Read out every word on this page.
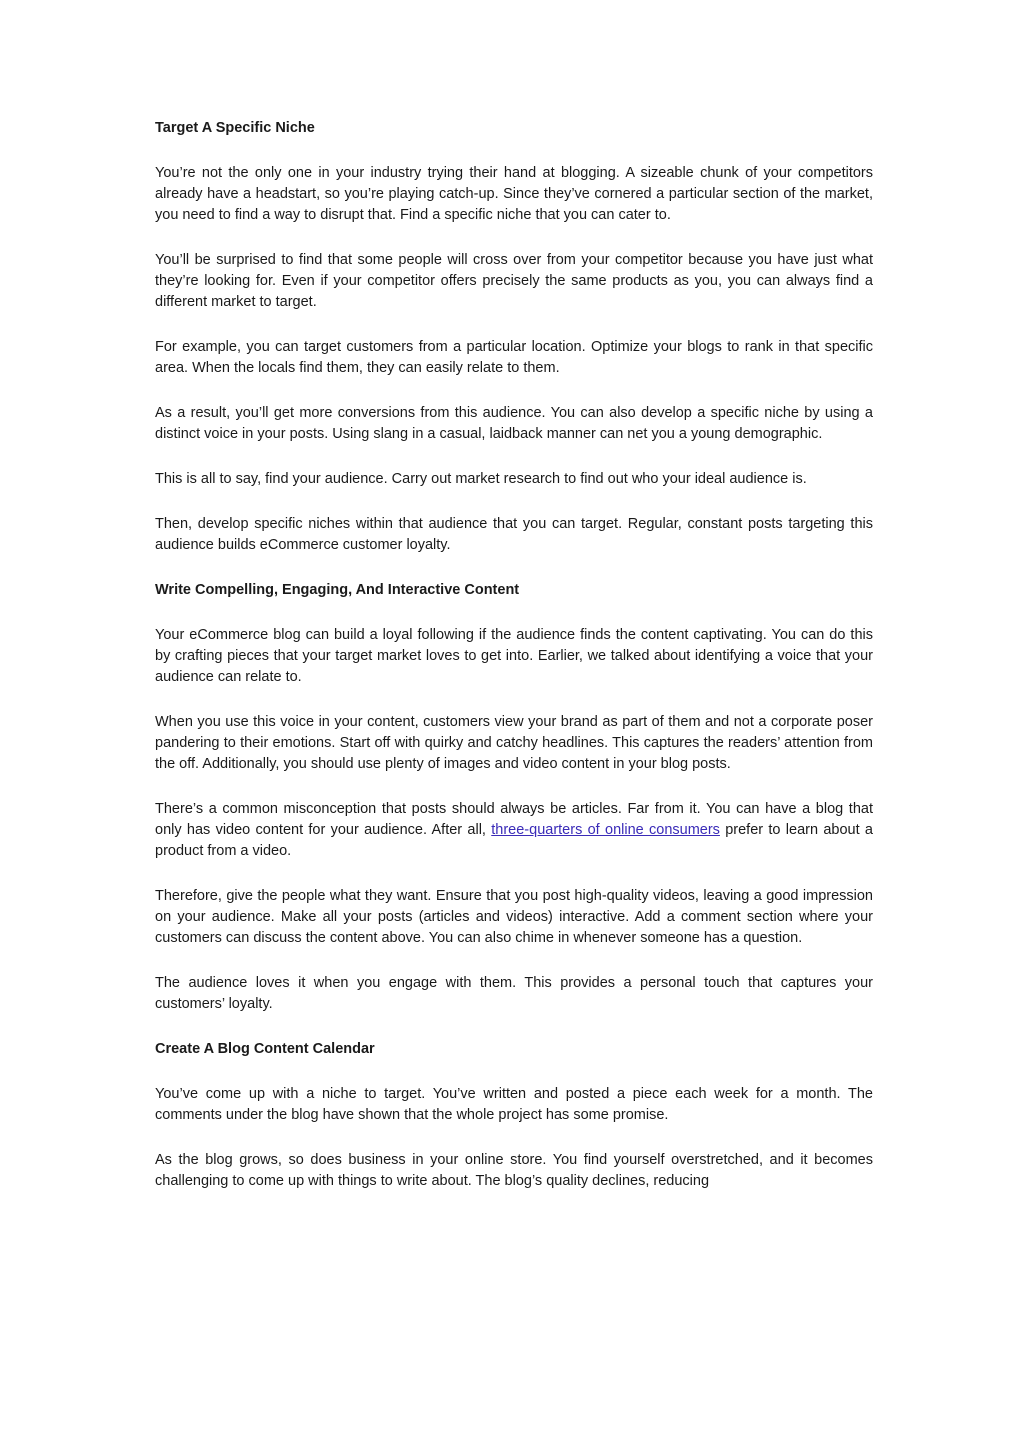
Target A Specific Niche

You’re not the only one in your industry trying their hand at blogging. A sizeable chunk of your competitors already have a headstart, so you’re playing catch-up. Since they’ve cornered a particular section of the market, you need to find a way to disrupt that. Find a specific niche that you can cater to.

You’ll be surprised to find that some people will cross over from your competitor because you have just what they’re looking for. Even if your competitor offers precisely the same products as you, you can always find a different market to target.

For example, you can target customers from a particular location. Optimize your blogs to rank in that specific area. When the locals find them, they can easily relate to them.

As a result, you’ll get more conversions from this audience. You can also develop a specific niche by using a distinct voice in your posts. Using slang in a casual, laidback manner can net you a young demographic.

This is all to say, find your audience. Carry out market research to find out who your ideal audience is.

Then, develop specific niches within that audience that you can target. Regular, constant posts targeting this audience builds eCommerce customer loyalty.

Write Compelling, Engaging, And Interactive Content

Your eCommerce blog can build a loyal following if the audience finds the content captivating. You can do this by crafting pieces that your target market loves to get into. Earlier, we talked about identifying a voice that your audience can relate to.

When you use this voice in your content, customers view your brand as part of them and not a corporate poser pandering to their emotions. Start off with quirky and catchy headlines. This captures the readers’ attention from the off. Additionally, you should use plenty of images and video content in your blog posts.

There’s a common misconception that posts should always be articles. Far from it. You can have a blog that only has video content for your audience. After all, three-quarters of online consumers prefer to learn about a product from a video.

Therefore, give the people what they want. Ensure that you post high-quality videos, leaving a good impression on your audience. Make all your posts (articles and videos) interactive. Add a comment section where your customers can discuss the content above. You can also chime in whenever someone has a question.

The audience loves it when you engage with them. This provides a personal touch that captures your customers’ loyalty.

Create A Blog Content Calendar

You’ve come up with a niche to target. You’ve written and posted a piece each week for a month. The comments under the blog have shown that the whole project has some promise.

As the blog grows, so does business in your online store. You find yourself overstretched, and it becomes challenging to come up with things to write about. The blog’s quality declines, reducing
